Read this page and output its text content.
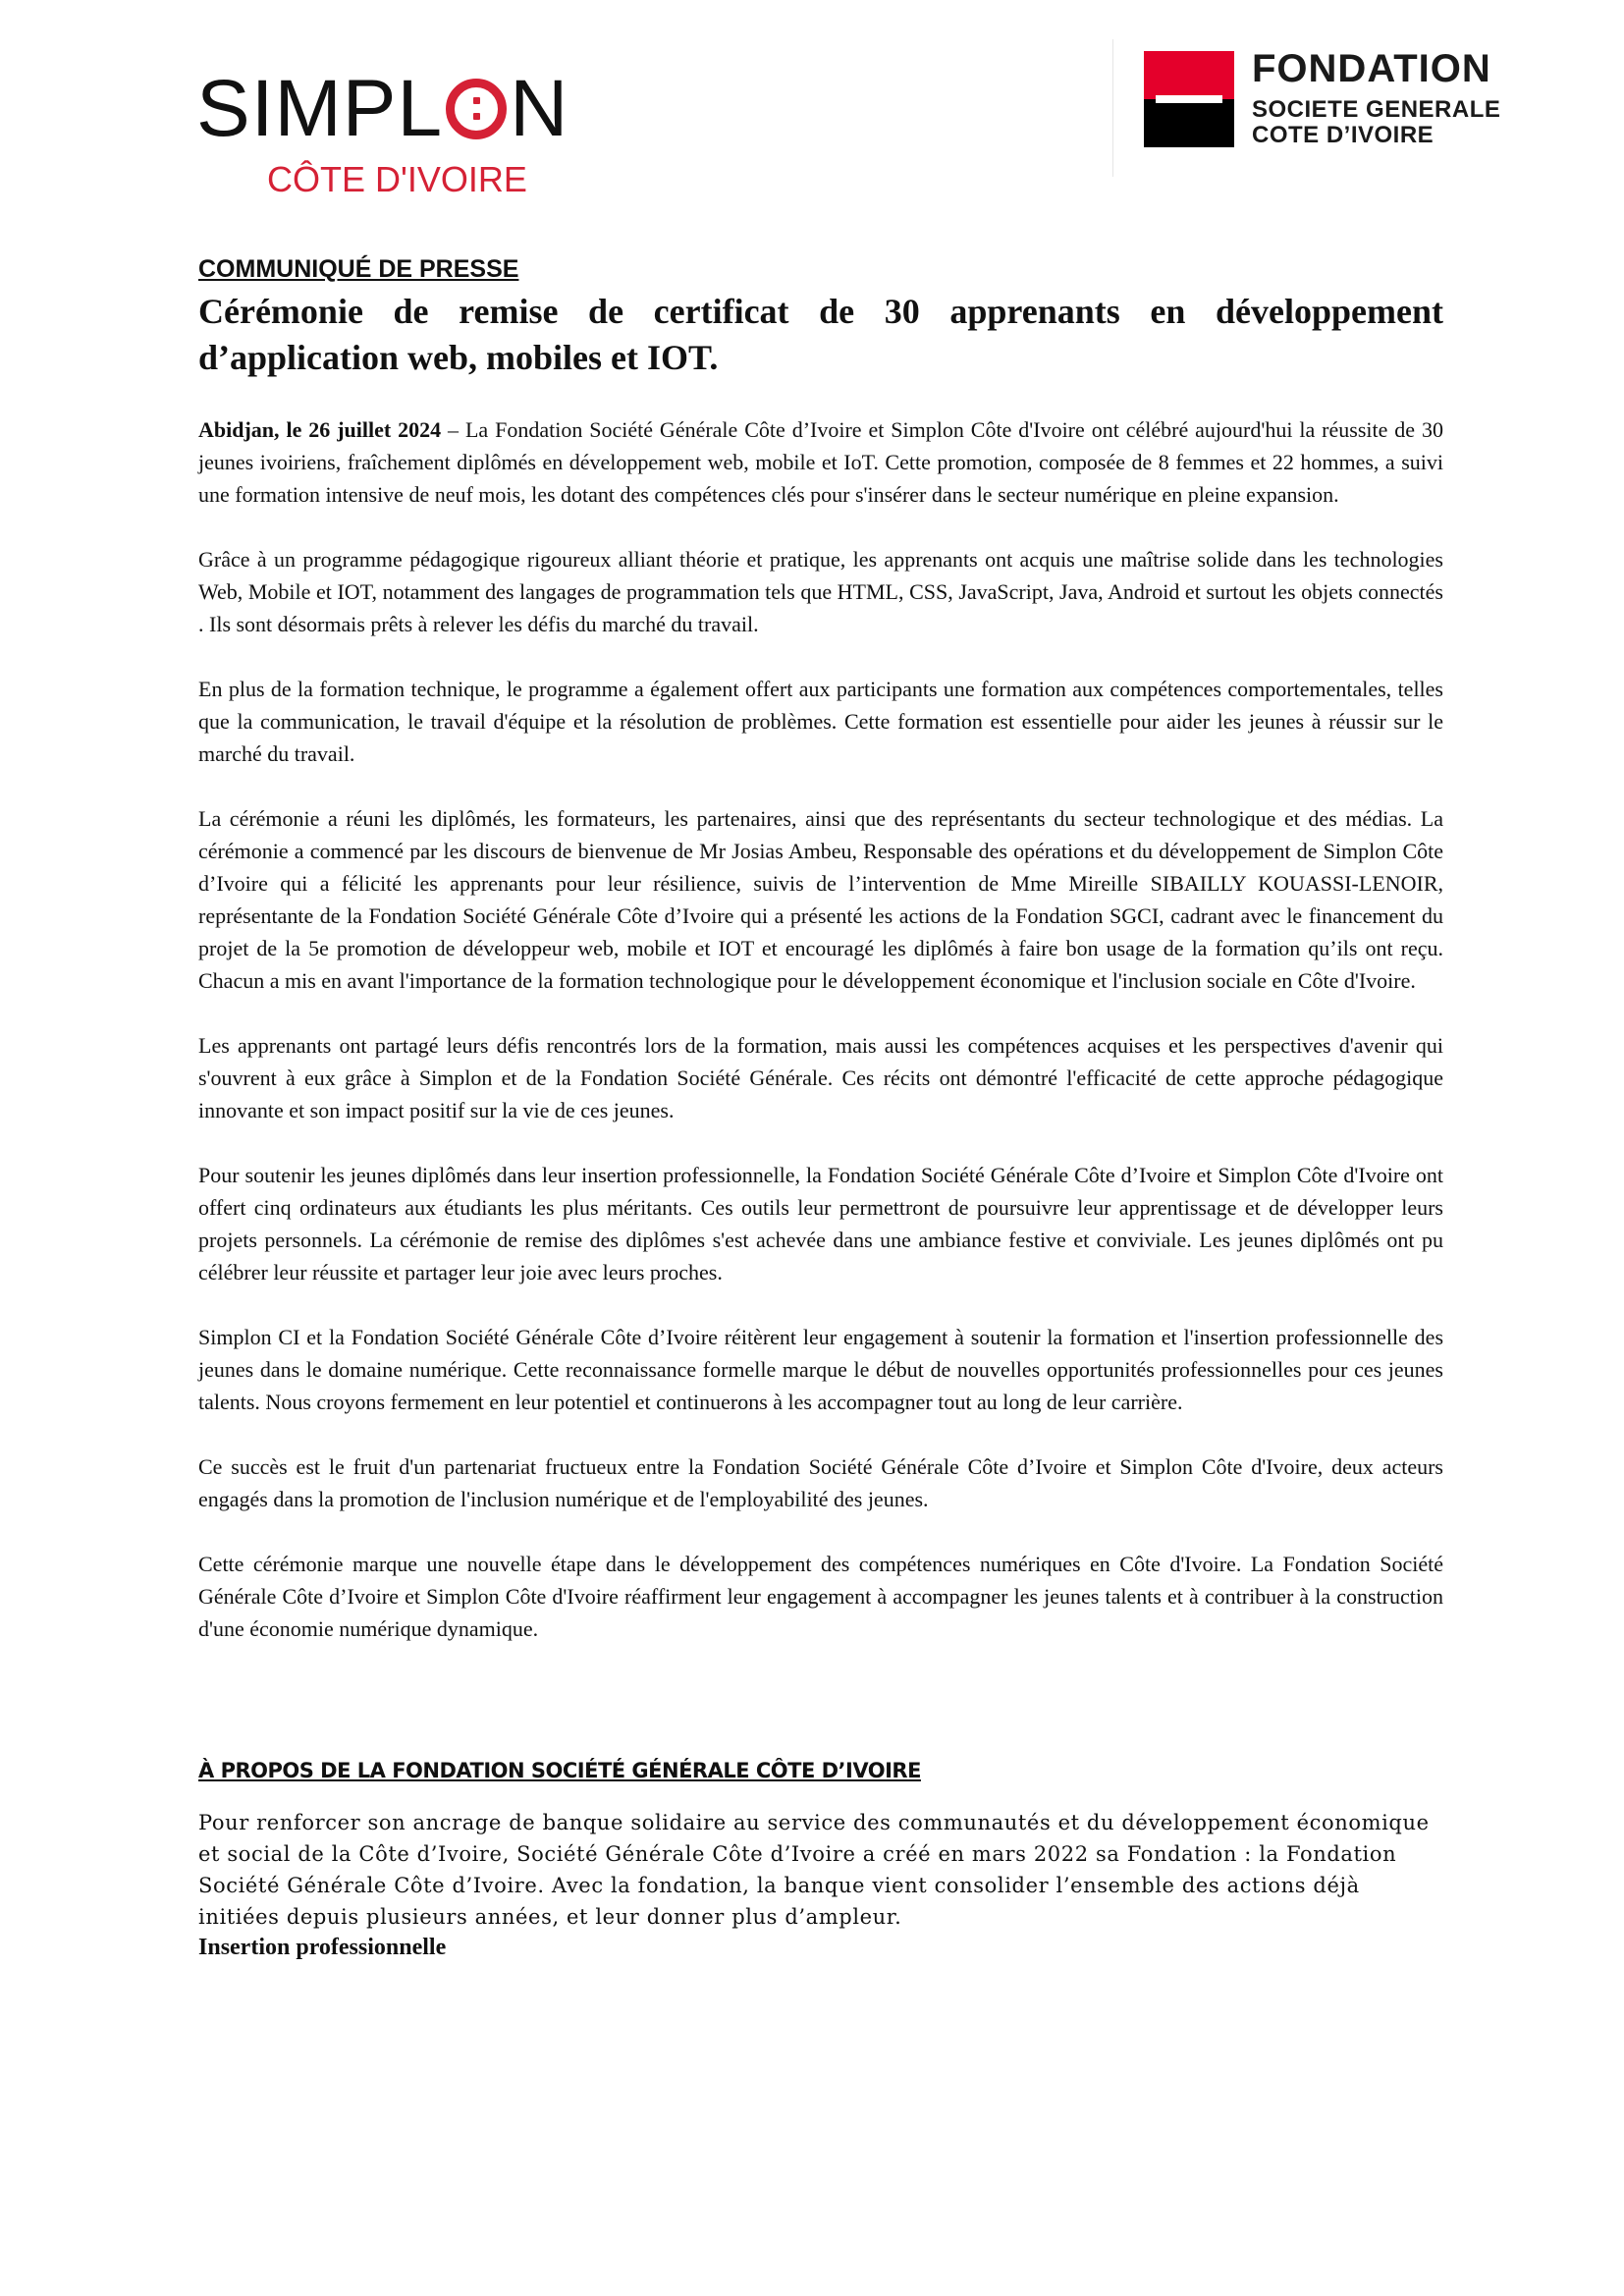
SIMPL N
CÔTE D'IVOIRE
FONDATION
SOCIETE GENERALE
COTE D’IVOIRE

COMMUNIQUÉ DE PRESSE

Cérémonie de remise de certificat de 30 apprenants en développement d’application web, mobiles et IOT.

Abidjan, le 26 juillet 2024 – La Fondation Société Générale Côte d’Ivoire et Simplon Côte d'Ivoire ont célébré aujourd'hui la réussite de 30 jeunes ivoiriens, fraîchement diplômés en développement web, mobile et IoT. Cette promotion, composée de 8 femmes et 22 hommes, a suivi une formation intensive de neuf mois, les dotant des compétences clés pour s'insérer dans le secteur numérique en pleine expansion.

Grâce à un programme pédagogique rigoureux alliant théorie et pratique, les apprenants ont acquis une maîtrise solide dans les technologies Web, Mobile et IOT, notamment des langages de programmation tels que HTML, CSS, JavaScript, Java, Android et surtout les objets connectés . Ils sont désormais prêts à relever les défis du marché du travail.

En plus de la formation technique, le programme a également offert aux participants une formation aux compétences comportementales, telles que la communication, le travail d'équipe et la résolution de problèmes. Cette formation est essentielle pour aider les jeunes à réussir sur le marché du travail.

La cérémonie a réuni les diplômés, les formateurs, les partenaires, ainsi que des représentants du secteur technologique et des médias. La cérémonie a commencé par les discours de bienvenue de Mr Josias Ambeu, Responsable des opérations et du développement de Simplon Côte d’Ivoire qui a félicité les apprenants pour leur résilience, suivis de l’intervention de Mme Mireille SIBAILLY KOUASSI-LENOIR, représentante de la Fondation Société Générale Côte d’Ivoire qui a présenté les actions de la Fondation SGCI, cadrant avec le financement du projet de la 5e promotion de développeur web, mobile et IOT et encouragé les diplômés à faire bon usage de la formation qu’ils ont reçu. Chacun a mis en avant l'importance de la formation technologique pour le développement économique et l'inclusion sociale en Côte d'Ivoire.

Les apprenants ont partagé leurs défis rencontrés lors de la formation, mais aussi les compétences acquises et les perspectives d'avenir qui s'ouvrent à eux grâce à Simplon et de la Fondation Société Générale. Ces récits ont démontré l'efficacité de cette approche pédagogique innovante et son impact positif sur la vie de ces jeunes.

Pour soutenir les jeunes diplômés dans leur insertion professionnelle, la Fondation Société Générale Côte d’Ivoire et Simplon Côte d'Ivoire ont offert cinq ordinateurs aux étudiants les plus méritants. Ces outils leur permettront de poursuivre leur apprentissage et de développer leurs projets personnels. La cérémonie de remise des diplômes s'est achevée dans une ambiance festive et conviviale. Les jeunes diplômés ont pu célébrer leur réussite et partager leur joie avec leurs proches.

Simplon CI et la Fondation Société Générale Côte d’Ivoire réitèrent leur engagement à soutenir la formation et l'insertion professionnelle des jeunes dans le domaine numérique. Cette reconnaissance formelle marque le début de nouvelles opportunités professionnelles pour ces jeunes talents. Nous croyons fermement en leur potentiel et continuerons à les accompagner tout au long de leur carrière.

Ce succès est le fruit d'un partenariat fructueux entre la Fondation Société Générale Côte d’Ivoire et Simplon Côte d'Ivoire, deux acteurs engagés dans la promotion de l'inclusion numérique et de l'employabilité des jeunes.

Cette cérémonie marque une nouvelle étape dans le développement des compétences numériques en Côte d'Ivoire. La Fondation Société Générale Côte d’Ivoire et Simplon Côte d'Ivoire réaffirment leur engagement à accompagner les jeunes talents et à contribuer à la construction d'une économie numérique dynamique.

À PROPOS DE LA FONDATION SOCIÉTÉ GÉNÉRALE CÔTE D’IVOIRE

Pour renforcer son ancrage de banque solidaire au service des communautés et du développement économique et social de la Côte d’Ivoire, Société Générale Côte d’Ivoire a créé en mars 2022 sa Fondation : la Fondation Société Générale Côte d’Ivoire. Avec la fondation, la banque vient consolider l’ensemble des actions déjà initiées depuis plusieurs années, et leur donner plus d’ampleur.

Insertion professionnelle
